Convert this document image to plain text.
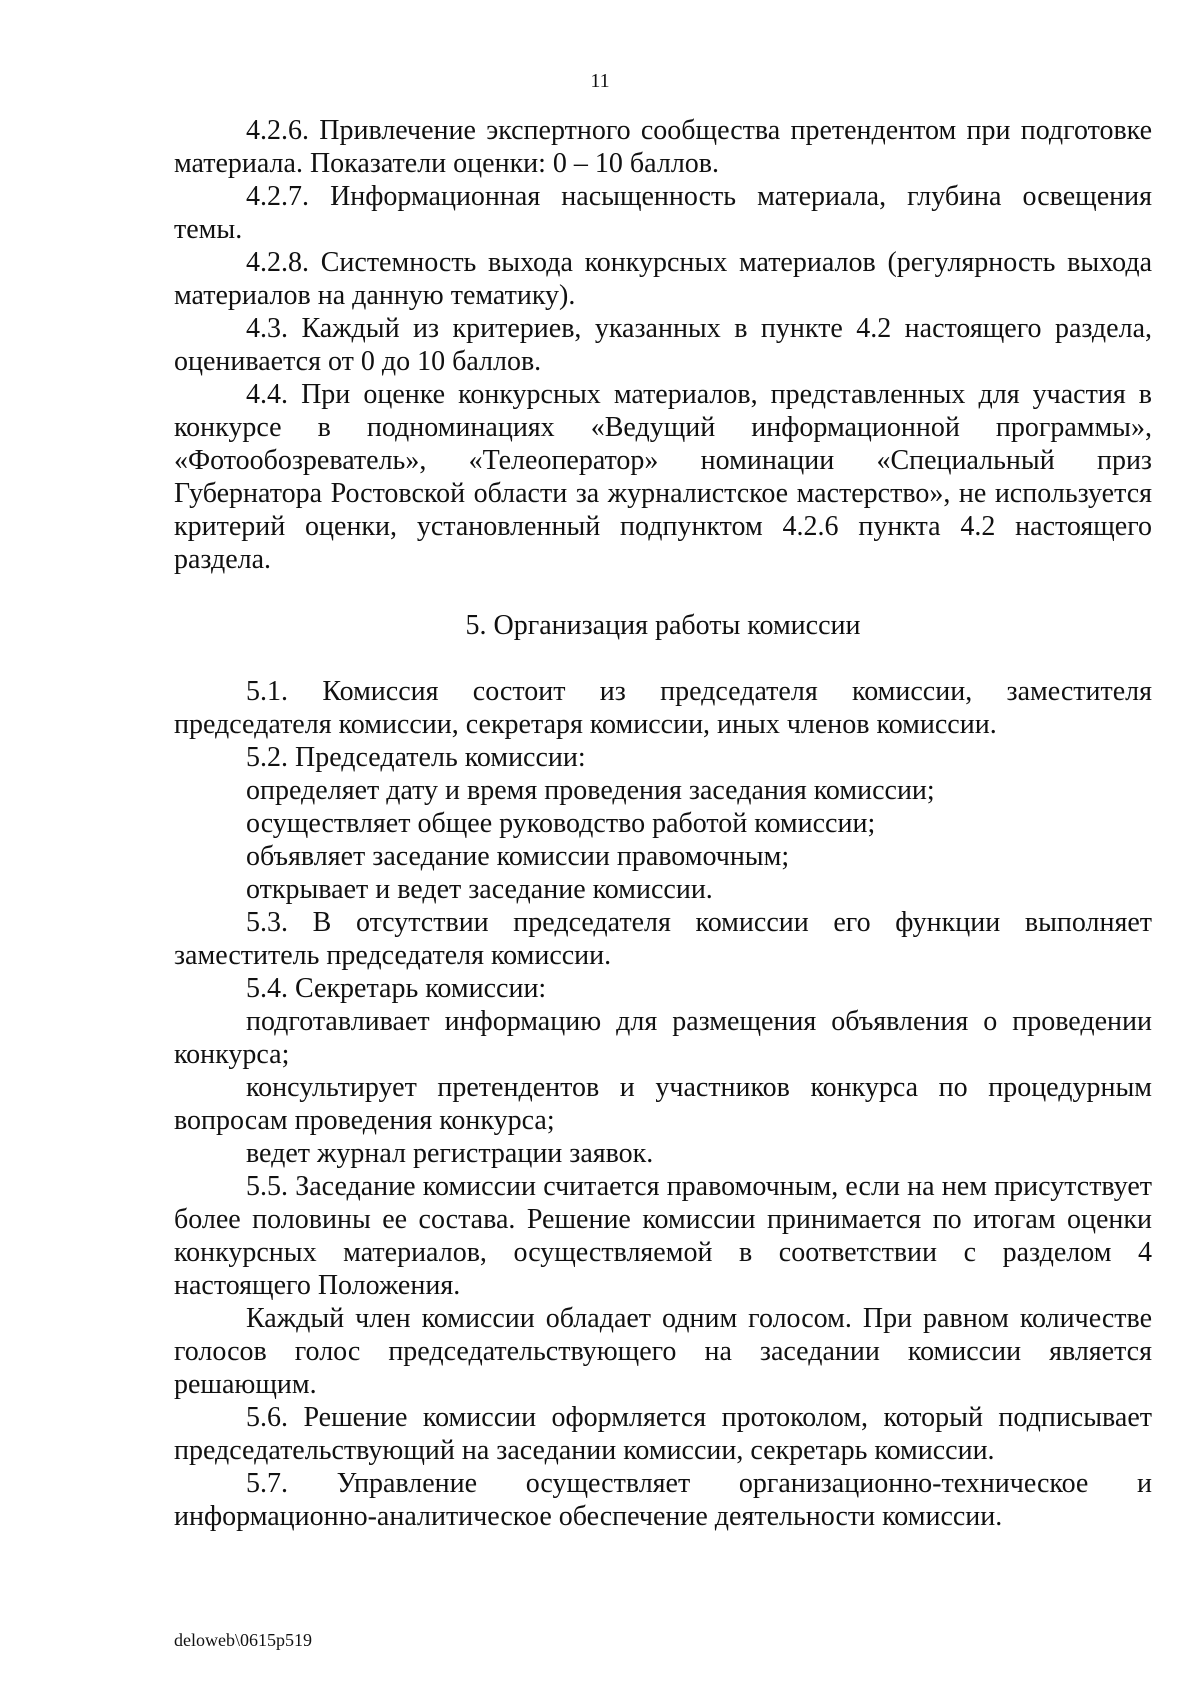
11

4.2.6. Привлечение экспертного сообщества претендентом при подготовке материала. Показатели оценки: 0 – 10 баллов.

4.2.7. Информационная насыщенность материала, глубина освещения темы.

4.2.8. Системность выхода конкурсных материалов (регулярность выхода материалов на данную тематику).

4.3. Каждый из критериев, указанных в пункте 4.2 настоящего раздела, оценивается от 0 до 10 баллов.

4.4. При оценке конкурсных материалов, представленных для участия в конкурсе в подноминациях «Ведущий информационной программы», «Фотообозреватель», «Телеоператор» номинации «Специальный приз Губернатора Ростовской области за журналистское мастерство», не используется критерий оценки, установленный подпунктом 4.2.6 пункта 4.2 настоящего раздела.

5. Организация работы комиссии

5.1. Комиссия состоит из председателя комиссии, заместителя председателя комиссии, секретаря комиссии, иных членов комиссии.

5.2. Председатель комиссии:

определяет дату и время проведения заседания комиссии;

осуществляет общее руководство работой комиссии;

объявляет заседание комиссии правомочным;

открывает и ведет заседание комиссии.

5.3. В отсутствии председателя комиссии его функции выполняет заместитель председателя комиссии.

5.4. Секретарь комиссии:

подготавливает информацию для размещения объявления о проведении конкурса;

консультирует претендентов и участников конкурса по процедурным вопросам проведения конкурса;

ведет журнал регистрации заявок.

5.5. Заседание комиссии считается правомочным, если на нем присутствует более половины ее состава. Решение комиссии принимается по итогам оценки конкурсных материалов, осуществляемой в соответствии с разделом 4 настоящего Положения.

Каждый член комиссии обладает одним голосом. При равном количестве голосов голос председательствующего на заседании комиссии является решающим.

5.6. Решение комиссии оформляется протоколом, который подписывает председательствующий на заседании комиссии, секретарь комиссии.

5.7. Управление осуществляет организационно-техническое и информационно-аналитическое обеспечение деятельности комиссии.

deloweb\0615p519
